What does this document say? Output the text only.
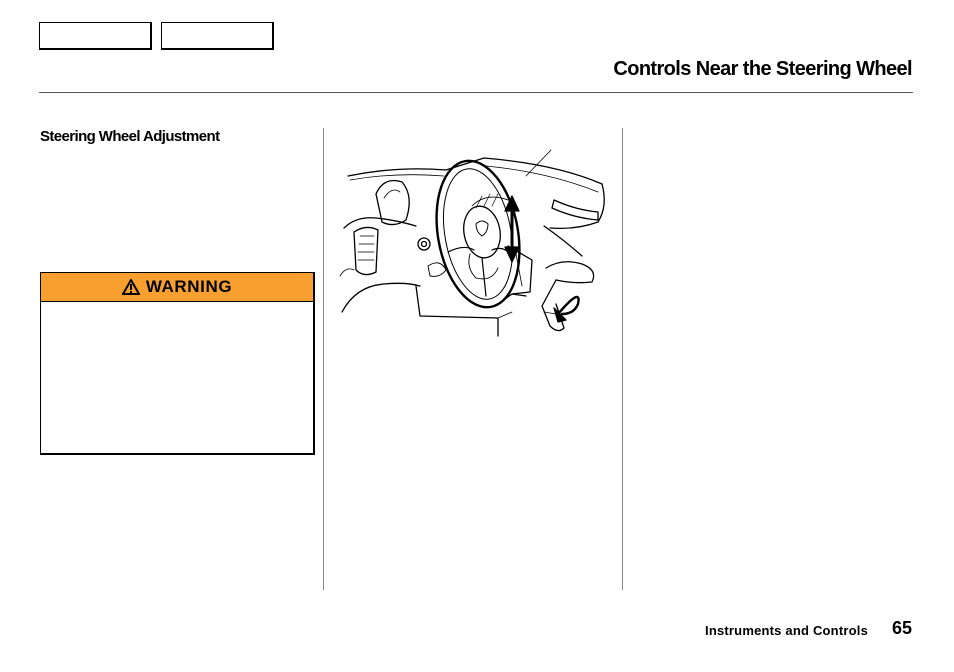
Controls Near the Steering Wheel
Steering Wheel Adjustment
WARNING
Instruments and Controls 65
